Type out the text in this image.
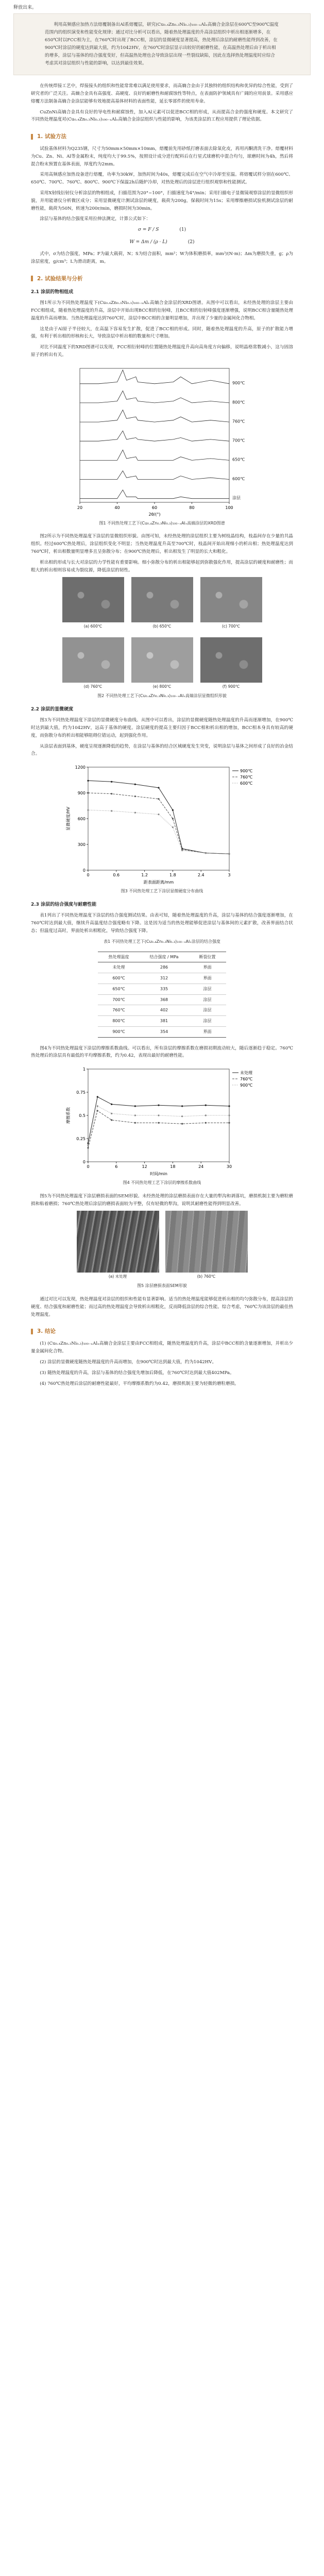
释放出来。

利用高频感应加热方法熔覆制备出Al系熔覆层，研究(Cu₀.₄Zn₀.₃Ni₀.₃)₁₀₀₋ₓAlₓ高熵合金涂层在600℃至900℃温度范围内的组织演变和性能变化规律；通过对比分析可以看出，随着热处理温度的升高涂层组织中析出相逐渐增多，在650℃时以FCC相为主，在760℃时出现了BCC相，涂层的显微硬度显著提高，热处理后涂层的耐磨性能得到改善，在900℃时涂层的硬度达到最大值，约为1042HV，在760℃时涂层显示出较好的耐磨性能，在高温热处理后由于析出相的增多，涂层与基体的结合强度变好，但高温热处理也会导致涂层出现一些裂纹缺陷，因此在选择热处理温度时应综合考虑其对涂层组织与性能的影响，以达到最佳效果。

在传统焊接工艺中，焊接接头的组织和性能常常难以满足使用要求，而高熵合金由于其独特的组织结构和优异的综合性能，受到了研究者的广泛关注。高熵合金具有高强度、高硬度、良好的耐磨性和耐腐蚀性等特点，在表面防护领域具有广阔的应用前景。采用感应熔覆方法制备高熵合金涂层能够有效地提高基体材料的表面性能，延长零部件的使用寿命。

CuZnNi高熵合金具有良好的导电性和耐腐蚀性，加入Al元素可以促进BCC相的形成，从而提高合金的强度和硬度。本文研究了不同热处理温度对(Cu₀.₄Zn₀.₃Ni₀.₃)₁₀₀₋ₓAlₓ高熵合金涂层组织与性能的影响，为该类涂层的工程应用提供了理论依据。

1. 试验方法

试验基体材料为Q235钢，尺寸为50mm×50mm×10mm，熔覆前先用砂纸打磨表面去除氧化皮，再用丙酮清洗干净。熔覆材料为Cu、Zn、Ni、Al等金属粉末，纯度均大于99.5%，按照设计成分进行配料后在行星式球磨机中混合均匀，球磨时间为4h，然后将混合粉末预置在基体表面，厚度约为2mm。

采用高频感应加热设备进行熔覆，功率为30kW，加热时间为40s，熔覆完成后在空气中冷却至室温。将熔覆试样分别在600℃、650℃、700℃、760℃、800℃、900℃下保温2h后随炉冷却，对热处理后的涂层进行组织观察和性能测试。

采用X射线衍射仪分析涂层的物相组成，扫描范围为20°~100°，扫描速度为4°/min；采用扫描电子显微镜观察涂层的显微组织形貌，并用能谱仪分析微区成分；采用显微硬度计测试涂层的硬度，载荷为200g，保载时间为15s；采用摩擦磨损试验机测试涂层的耐磨性能，载荷为50N，转速为200r/min，磨损时间为30min。

涂层与基体的结合强度采用拉伸法测定，计算公式如下：

σ = F / S	(1)
W = Δm / (ρ · L)	(2)

式中，σ为结合强度，MPa；F为最大载荷，N；S为结合面积，mm²；W为体积磨损率，mm³/(N·m)；Δm为磨损失重，g；ρ为涂层密度，g/cm³；L为滑动距离，m。

2. 试验结果与分析
2.1 涂层的物相组成

图1所示为不同热处理温度下(Cu₀.₄Zn₀.₃Ni₀.₃)₁₀₀₋ₓAlₓ高熵合金涂层的XRD图谱。从图中可以看出，未经热处理的涂层主要由FCC相组成，随着热处理温度的升高，涂层中开始出现BCC相的衍射峰，且BCC相的衍射峰强度逐渐增强，说明BCC相含量随热处理温度的升高而增加。当热处理温度达到760℃时，涂层中BCC相的含量明显增加，并出现了少量的金属间化合物相。

这是由于Al原子半径较大，在高温下容易发生扩散，促进了BCC相的形成。同时，随着热处理温度的升高，原子的扩散能力增强，有利于析出相的形核和长大，导致涂层中析出相的数量和尺寸增加。

对比不同温度下的XRD图谱可以发现，FCC相衍射峰的位置随热处理温度升高向高角度方向偏移，说明晶格常数减小，这与固溶原子的析出有关。

900℃
800℃
760℃
700℃
650℃
600℃
涂层
20	40	60	80	100
2θ/(°)
图1 不同热处理工艺下(Cu₀.₄Zn₀.₃Ni₀.₃)₁₀₀₋ₓAlₓ高熵涂层的XRD图谱

图2所示为不同热处理温度下涂层的显微组织形貌。由图可知，未经热处理的涂层组织主要为树枝晶结构，枝晶间存在少量的共晶组织。经过600℃热处理后，涂层组织变化不明显；当热处理温度升高至700℃时，枝晶间开始出现细小的析出相；热处理温度达到760℃时，析出相数量明显增多且呈弥散分布；在900℃热处理后，析出相发生了明显的长大和粗化。

析出相的形成与长大对涂层的力学性能有重要影响。细小弥散分布的析出相能够起到弥散强化作用，提高涂层的硬度和耐磨性；而粗大的析出相则容易成为裂纹源，降低涂层的韧性。

(a) 600℃	(b) 650℃	(c) 700℃
(d) 760℃	(e) 800℃	(f) 900℃
图2 不同热处理工艺下(Cu₀.₄Zn₀.₃Ni₀.₃)₁₀₀₋ₓAlₓ高熵涂层显微组织形貌
2.2 涂层的显微硬度

图3为不同热处理温度下涂层的显微硬度分布曲线。从图中可以看出，涂层的显微硬度随热处理温度的升高而逐渐增加，在900℃时达到最大值，约为1042HV，远高于基体的硬度。涂层硬度的提高主要归因于BCC相和析出相的增加，BCC相本身具有较高的硬度，而弥散分布的析出相能够阻碍位错运动，起到强化作用。

从涂层表面到基体，硬度呈现逐渐降低的趋势，在涂层与基体的结合区域硬度发生突变，说明涂层与基体之间形成了良好的冶金结合。

900℃
760℃
600℃
0	0.6	1.2	1.8	2.4	3
0
300
600
900
1200
距表面距离/mm
显微硬度/HV
图3 不同热处理工艺下涂层显微硬度分布曲线
2.3 涂层的结合强度与耐磨性能

表1列出了不同热处理温度下涂层的结合强度测试结果。由表可知，随着热处理温度的升高，涂层与基体的结合强度逐渐增加，在760℃时达到最大值，继续升高温度结合强度略有下降。这是因为适当的热处理能够促进涂层与基体间的元素扩散，改善界面结合状态；但温度过高时，界面处析出相粗化，导致结合强度下降。

表1 不同热处理工艺下(Cu₀.₄Zn₀.₃Ni₀.₃)₁₀₀₋ₓAlₓ涂层的结合强度
热处理温度	结合强度 / MPa	断裂位置
未处理	286	界面
600℃	312	界面
650℃	335	涂层
700℃	368	涂层
760℃	402	涂层
800℃	381	涂层
900℃	354	界面

图4为不同热处理温度下涂层的摩擦系数曲线。可以看出，所有涂层的摩擦系数在磨损初期波动较大，随后逐渐趋于稳定。760℃热处理后的涂层具有最低的平均摩擦系数，约为0.42，表现出最好的耐磨性能。

未处理
760℃
900℃
0	6	12	18	24	30
0
0.25
0.5
0.75
1
时间/min
摩擦系数
图4 不同热处理工艺下涂层的摩擦系数曲线

图5为不同热处理温度下涂层磨损表面的SEM形貌。未经热处理的涂层磨损表面存在大量的犁沟和剥落坑，磨损机制主要为磨粒磨损和粘着磨损；760℃热处理后涂层的磨损表面较为平整，仅有轻微的犁沟，说明其耐磨性能得到明显改善。

(a) 未处理	(b) 760℃
图5 涂层磨损表面SEM形貌

通过对比可以发现，热处理温度对涂层的组织和性能有显著影响。适当的热处理温度能够促进析出相的均匀弥散分布，提高涂层的硬度、结合强度和耐磨性能；而过高的热处理温度会导致析出相粗化，反而降低涂层的综合性能。综合考虑，760℃为该涂层的最佳热处理温度。

3. 结论

(1) (Cu₀.₄Zn₀.₃Ni₀.₃)₁₀₀₋ₓAlₓ高熵合金涂层主要由FCC相组成，随热处理温度的升高，涂层中BCC相的含量逐渐增加，并析出少量金属间化合物。

(2) 涂层的显微硬度随热处理温度的升高而增加，在900℃时达到最大值，约为1042HV。

(3) 随热处理温度的升高，涂层与基体的结合强度先增加后降低，在760℃时达到最大值402MPa。

(4) 760℃热处理后涂层的耐磨性能最好，平均摩擦系数约为0.42，磨损机制主要为轻微的磨粒磨损。
